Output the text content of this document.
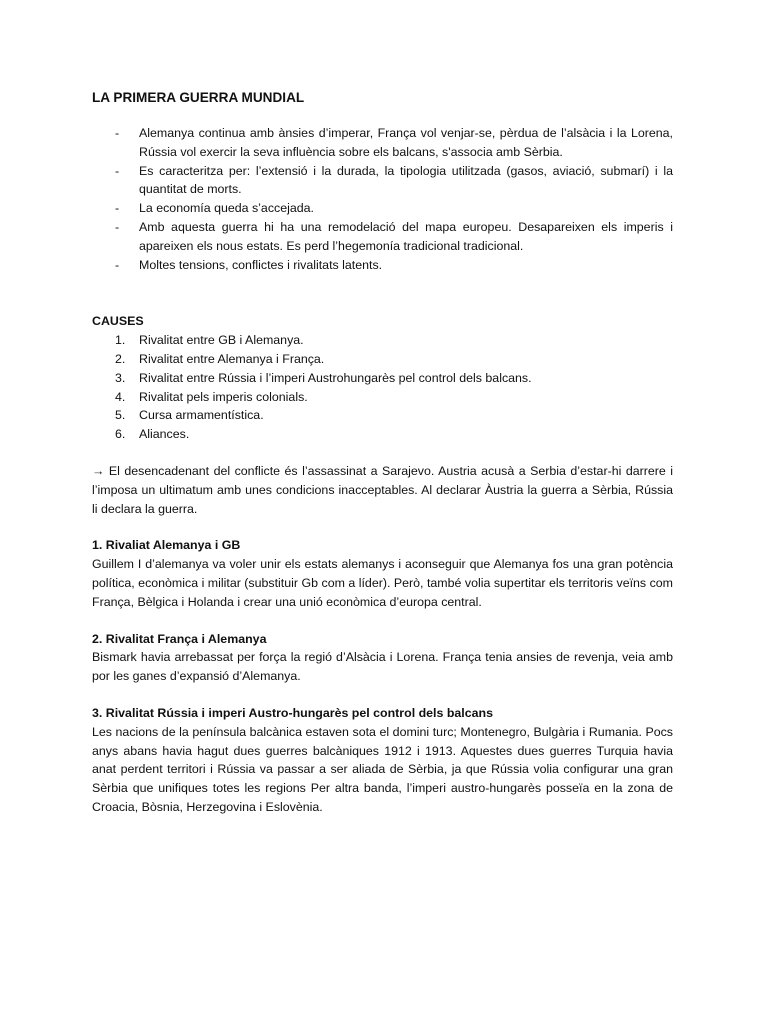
LA PRIMERA GUERRA MUNDIAL
- Alemanya continua amb ànsies d’imperar, França vol venjar-se, pèrdua de l’alsàcia i la Lorena, Rússia vol exercir la seva influència sobre els balcans, s'associa amb Sèrbia.
- Es caracteritza per: l’extensió i la durada, la tipologia utilitzada (gasos, aviació, submarí) i la quantitat de morts.
- La economía queda s’accejada.
- Amb aquesta guerra hi ha una remodelació del mapa europeu. Desapareixen els imperis i apareixen els nous estats. Es perd l’hegemonía tradicional tradicional.
- Moltes tensions, conflictes i rivalitats latents.
CAUSES
1. Rivalitat entre GB i Alemanya.
2. Rivalitat entre Alemanya i França.
3. Rivalitat entre Rússia i l’imperi Austrohungarès pel control dels balcans.
4. Rivalitat pels imperis colonials.
5. Cursa armamentística.
6. Aliances.

→ El desencadenant del conflicte és l’assassinat a Sarajevo. Austria acusà a Serbia d’estar-hi darrere i l’imposa un ultimatum amb unes condicions inacceptables. Al declarar Àustria la guerra a Sèrbia, Rússia li declara la guerra.

1. Rivaliat Alemanya i GB

Guillem I d’alemanya va voler unir els estats alemanys i aconseguir que Alemanya fos una gran potència política, econòmica i militar (substituir Gb com a líder). Però, també volia supertitar els territoris veïns com França, Bèlgica i Holanda i crear una unió econòmica d’europa central.

2. Rivalitat França i Alemanya

Bismark havia arrebassat per força la regió d’Alsàcia i Lorena. França tenia ansies de revenja, veia amb por les ganes d’expansió d’Alemanya.

3. Rivalitat Rússia i imperi Austro-hungarès pel control dels balcans

Les nacions de la península balcànica estaven sota el domini turc; Montenegro, Bulgària i Rumania. Pocs anys abans havia hagut dues guerres balcàniques 1912 i 1913. Aquestes dues guerres Turquia havia anat perdent territori i Rússia va passar a ser aliada de Sèrbia, ja que Rússia volia configurar una gran Sèrbia que unifiques totes les regions Per altra banda, l’imperi austro-hungarès posseïa en la zona de Croacia, Bòsnia, Herzegovina i Eslovènia.
